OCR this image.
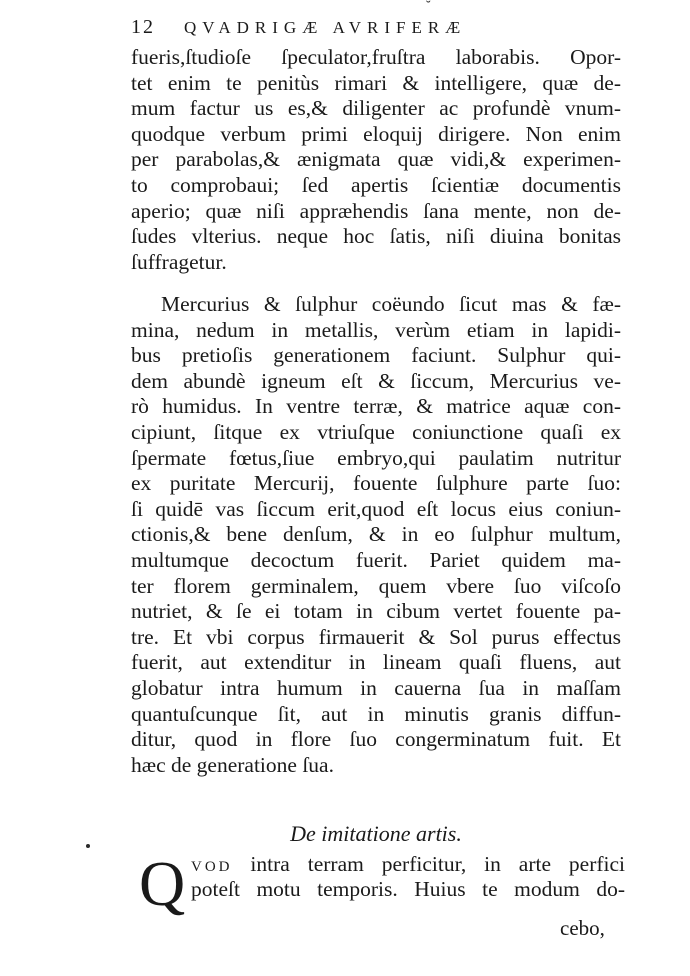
˘
12 QVADRIGÆ AVRIFERÆ
fueris,ſtudioſe ſpeculator,fruſtra laborabis. Opor-
tet enim te penitùs rimari & intelligere, quæ de-
mum factur us es,& diligenter ac profundè vnum-
quodque verbum primi eloquij dirigere. Non enim
per parabolas,& ænigmata quæ vidi,& experimen-
to comprobaui; ſed apertis ſcientiæ documentis
aperio; quæ niſi appræhendis ſana mente, non de-
ſudes vlterius. neque hoc ſatis, niſi diuina bonitas
ſuffragetur.
Mercurius & ſulphur coëundo ſicut mas & fæ-
mina, nedum in metallis, verùm etiam in lapidi-
bus pretioſis generationem faciunt. Sulphur qui-
dem abundè igneum eſt & ſiccum, Mercurius ve-
rò humidus. In ventre terræ, & matrice aquæ con-
cipiunt, ſitque ex vtriuſque coniunctione quaſi ex
ſpermate fœtus,ſiue embryo,qui paulatim nutritur
ex puritate Mercurij, fouente ſulphure parte ſuo:
ſi quidē vas ſiccum erit,quod eſt locus eius coniun-
ctionis,& bene denſum, & in eo ſulphur multum,
multumque decoctum fuerit. Pariet quidem ma-
ter florem germinalem, quem vbere ſuo viſcoſo
nutriet, & ſe ei totam in cibum vertet fouente pa-
tre. Et vbi corpus firmauerit & Sol purus effectus
fuerit, aut extenditur in lineam quaſi fluens, aut
globatur intra humum in cauerna ſua in maſſam
quantuſcunque ſit, aut in minutis granis diffun-
ditur, quod in flore ſuo congerminatum fuit. Et
hæc de generatione ſua.
De imitatione artis.
Q VOD intra terram perficitur, in arte perfici
poteſt motu temporis. Huius te modum do-
cebo,
